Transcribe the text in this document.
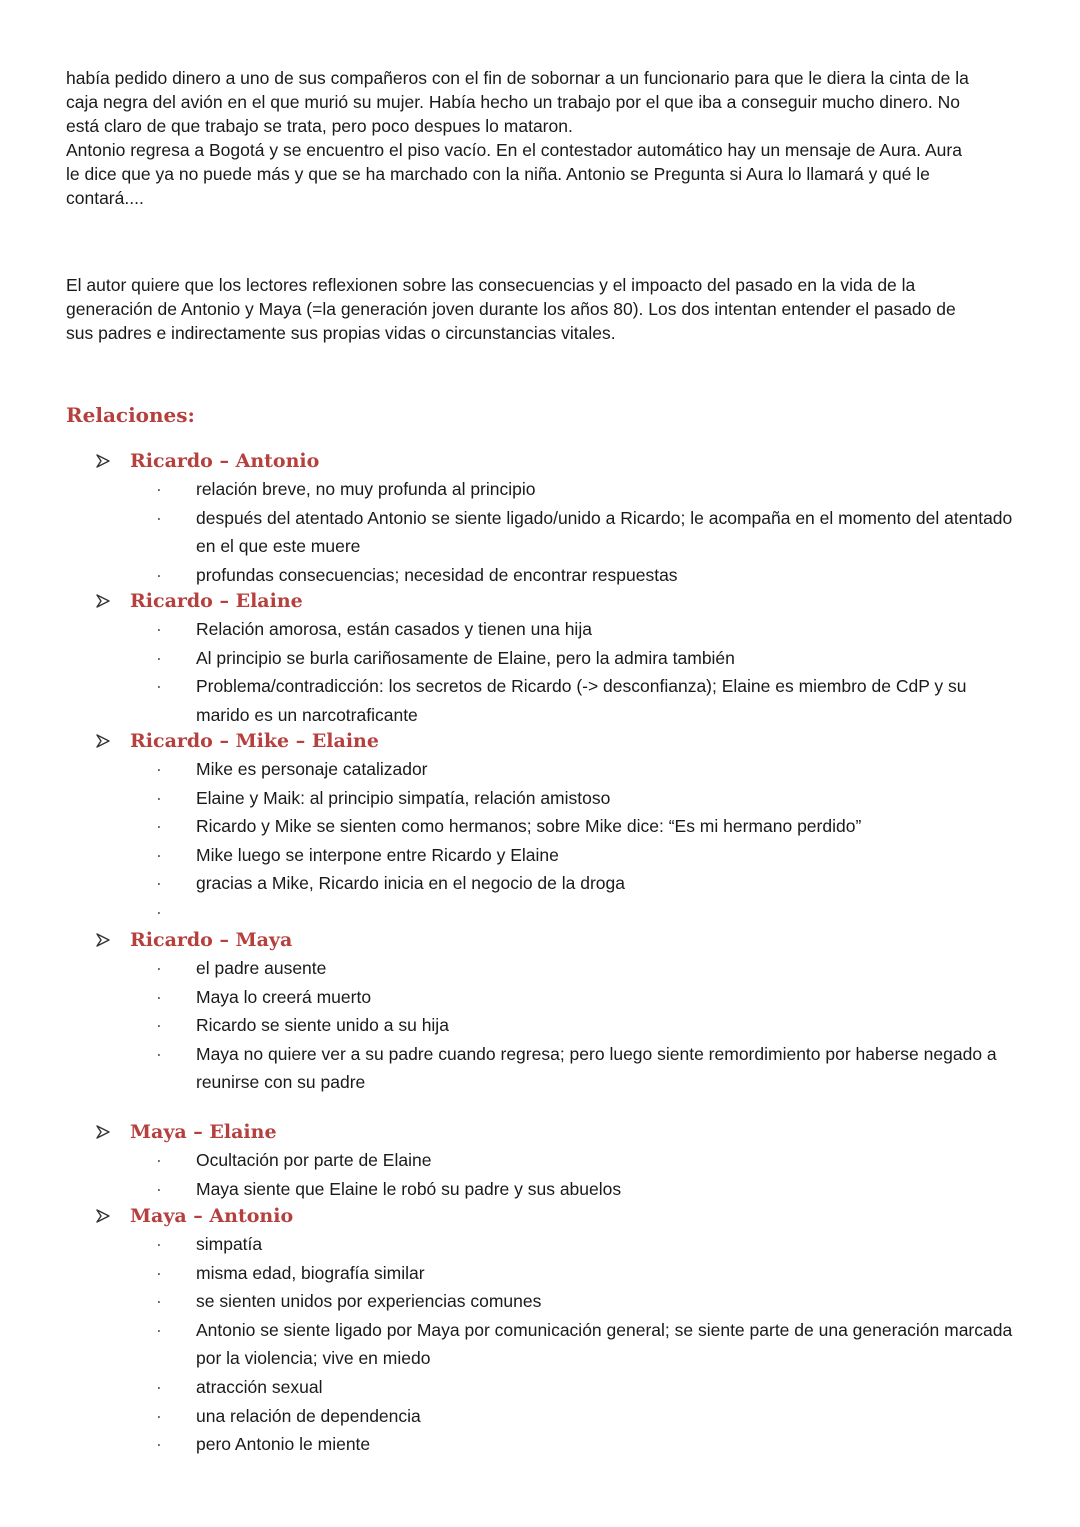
había pedido dinero a uno de sus compañeros con el fin de sobornar a un funcionario para que le diera la cinta de la
caja negra del avión en el que murió su mujer. Había hecho un trabajo por el que iba a conseguir mucho dinero. No
está claro de que trabajo se trata, pero poco despues lo mataron.
Antonio regresa a Bogotá y se encuentro el piso vacío. En el contestador automático hay un mensaje de Aura. Aura
le dice que ya no puede más y que se ha marchado con la niña. Antonio se Pregunta si Aura lo llamará y qué le
contará....
El autor quiere que los lectores reflexionen sobre las consecuencias y el impoacto del pasado en la vida de la
generación de Antonio y Maya (=la generación joven durante los años 80). Los dos intentan entender el pasado de
sus padres e indirectamente sus propias vidas o circunstancias vitales.
Relaciones:
Ricardo – Antonio
· relación breve, no muy profunda al principio
· después del atentado Antonio se siente ligado/unido a Ricardo; le acompaña en el momento del atentado en el que este muere
· profundas consecuencias; necesidad de encontrar respuestas
Ricardo – Elaine
· Relación amorosa, están casados y tienen una hija
· Al principio se burla cariñosamente de Elaine, pero la admira también
· Problema/contradicción: los secretos de Ricardo (-> desconfianza); Elaine es miembro de CdP y su marido es un narcotraficante
Ricardo – Mike – Elaine
· Mike es personaje catalizador
· Elaine y Maik: al principio simpatía, relación amistoso
· Ricardo y Mike se sienten como hermanos; sobre Mike dice: “Es mi hermano perdido”
· Mike luego se interpone entre Ricardo y Elaine
· gracias a Mike, Ricardo inicia en el negocio de la droga
·
Ricardo – Maya
· el padre ausente
· Maya lo creerá muerto
· Ricardo se siente unido a su hija
· Maya no quiere ver a su padre cuando regresa; pero luego siente remordimiento por haberse negado a reunirse con su padre
Maya – Elaine
· Ocultación por parte de Elaine
· Maya siente que Elaine le robó su padre y sus abuelos
Maya – Antonio
· simpatía
· misma edad, biografía similar
· se sienten unidos por experiencias comunes
· Antonio se siente ligado por Maya por comunicación general; se siente parte de una generación marcada por la violencia; vive en miedo
· atracción sexual
· una relación de dependencia
· pero Antonio le miente
